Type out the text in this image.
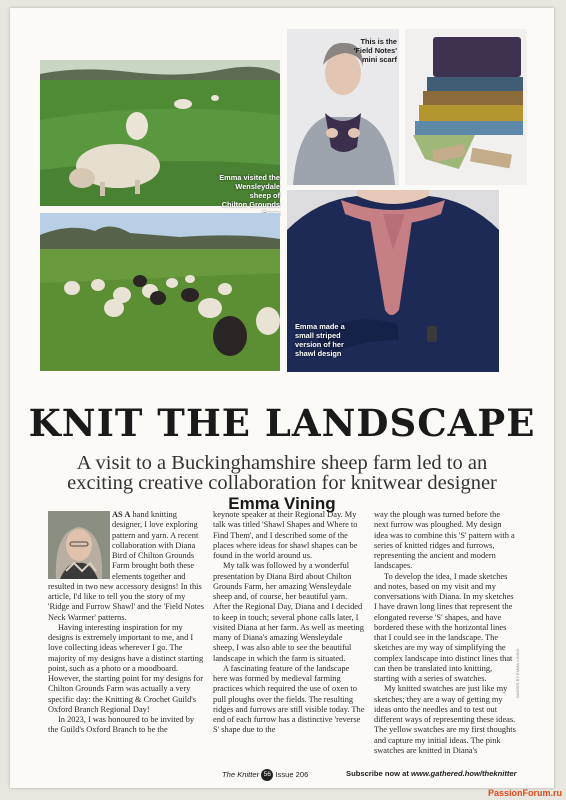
Emma visited the
Wensleydale sheep of
Chilton Grounds
This is the
'Field Notes'
mini scarf
Emma made a
small striped
version of her
shawl design
KNIT THE LANDSCAPE
A visit to a Buckinghamshire sheep farm led to an exciting creative collaboration for knitwear designer Emma Vining

AS A hand knitting designer, I love exploring pattern and yarn. A recent collaboration with Diana Bird of Chilton Grounds Farm brought both these elements together and resulted in two new accessory designs! In this article, I'd like to tell you the story of my 'Ridge and Furrow Shawl' and the 'Field Notes Neck Warmer' patterns.

Having interesting inspiration for my designs is extremely important to me, and I love collecting ideas wherever I go. The majority of my designs have a distinct starting point, such as a photo or a moodboard. However, the starting point for my designs for Chilton Grounds Farm was actually a very specific day: the Knitting & Crochet Guild's Oxford Branch Regional Day!

In 2023, I was honoured to be invited by the Guild's Oxford Branch to be the

keynote speaker at their Regional Day. My talk was titled 'Shawl Shapes and Where to Find Them', and I described some of the places where ideas for shawl shapes can be found in the world around us.

My talk was followed by a wonderful presentation by Diana Bird about Chilton Grounds Farm, her amazing Wensleydale sheep and, of course, her beautiful yarn. After the Regional Day, Diana and I decided to keep in touch; several phone calls later, I visited Diana at her farm. As well as meeting many of Diana's amazing Wensleydale sheep, I was also able to see the beautiful landscape in which the farm is situated.

A fascinating feature of the landscape here was formed by medieval farming practices which required the use of oxen to pull ploughs over the fields. The resulting ridges and furrows are still visible today. The end of each furrow has a distinctive 'reverse S' shape due to the

way the plough was turned before the next furrow was ploughed. My design idea was to combine this 'S' pattern with a series of knitted ridges and furrows, representing the ancient and modern landscapes.

To develop the idea, I made sketches and notes, based on my visit and my conversations with Diana. In my sketches I have drawn long lines that represent the elongated reverse 'S' shapes, and have bordered these with the horizontal lines that I could see in the landscape. The sketches are my way of simplifying the complex landscape into distinct lines that can then be translated into knitting, starting with a series of swatches.

My knitted swatches are just like my sketches; they are a way of getting my ideas onto the needles and to test out different ways of representing these ideas. The yellow swatches are my first thoughts and capture my initial ideas. The pink swatches are knitted in Diana's

IMAGES BY EMMA VINING
The Knitter 56 Issue 206	Subscribe now at www.gathered.how/theknitter
PassionForum.ru
